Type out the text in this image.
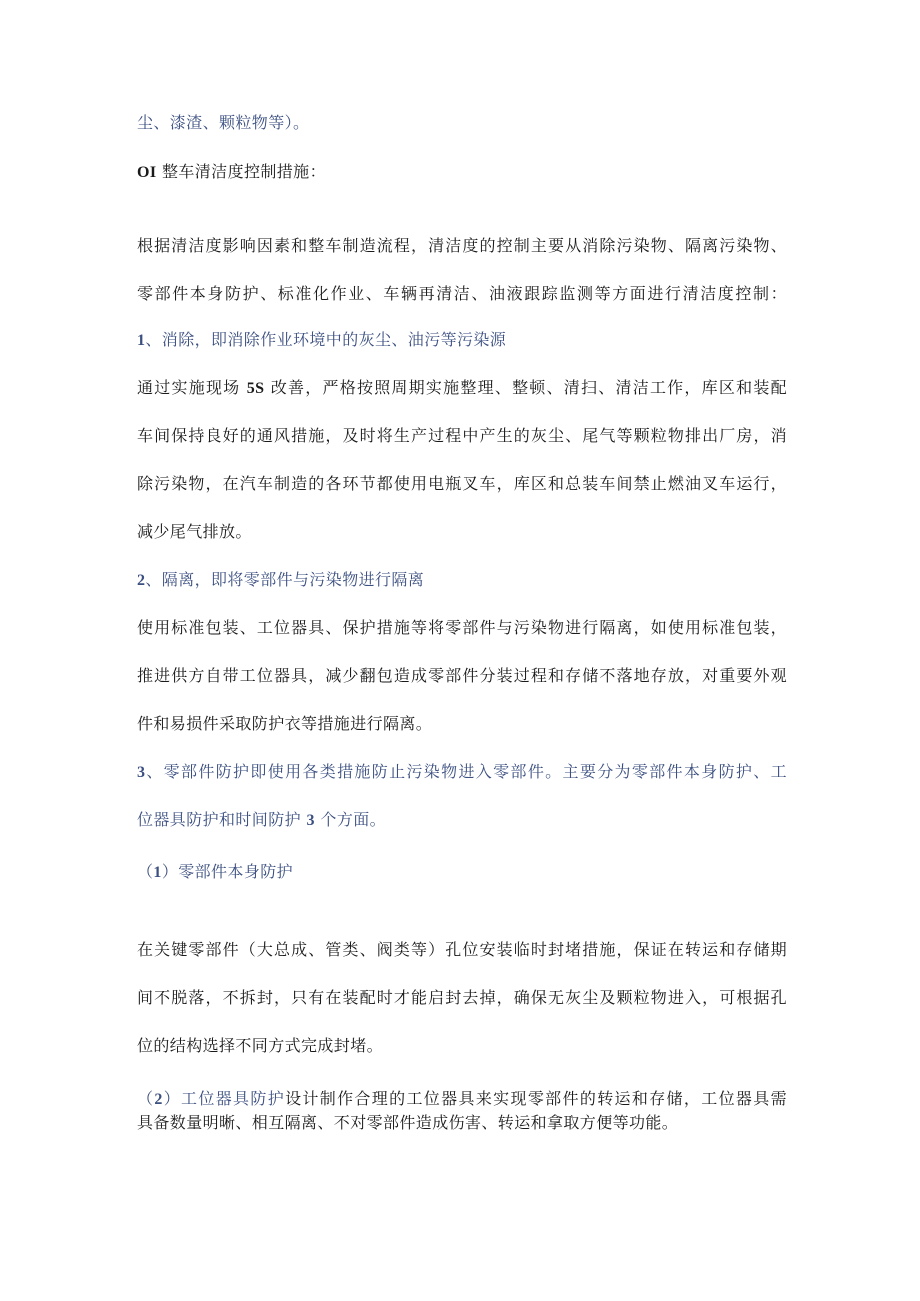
尘、漆渣、颗粒物等）。
OI 整车清洁度控制措施：
根据清洁度影响因素和整车制造流程，清洁度的控制主要从消除污染物、隔离污染物、
零部件本身防护、标准化作业、车辆再清洁、油液跟踪监测等方面进行清洁度控制：
1、消除，即消除作业环境中的灰尘、油污等污染源
通过实施现场 5S 改善，严格按照周期实施整理、整顿、清扫、清洁工作，库区和装配
车间保持良好的通风措施，及时将生产过程中产生的灰尘、尾气等颗粒物排出厂房，消
除污染物，在汽车制造的各环节都使用电瓶叉车，库区和总装车间禁止燃油叉车运行，
减少尾气排放。
2、隔离，即将零部件与污染物进行隔离
使用标准包装、工位器具、保护措施等将零部件与污染物进行隔离，如使用标准包装，
推进供方自带工位器具，减少翻包造成零部件分装过程和存储不落地存放，对重要外观
件和易损件采取防护衣等措施进行隔离。
3、零部件防护即使用各类措施防止污染物进入零部件。主要分为零部件本身防护、工
位器具防护和时间防护 3 个方面。
（1）零部件本身防护
在关键零部件（大总成、管类、阀类等）孔位安装临时封堵措施，保证在转运和存储期
间不脱落，不拆封，只有在装配时才能启封去掉，确保无灰尘及颗粒物进入，可根据孔
位的结构选择不同方式完成封堵。
（2）工位器具防护设计制作合理的工位器具来实现零部件的转运和存储，工位器具需
具备数量明晰、相互隔离、不对零部件造成伤害、转运和拿取方便等功能。
